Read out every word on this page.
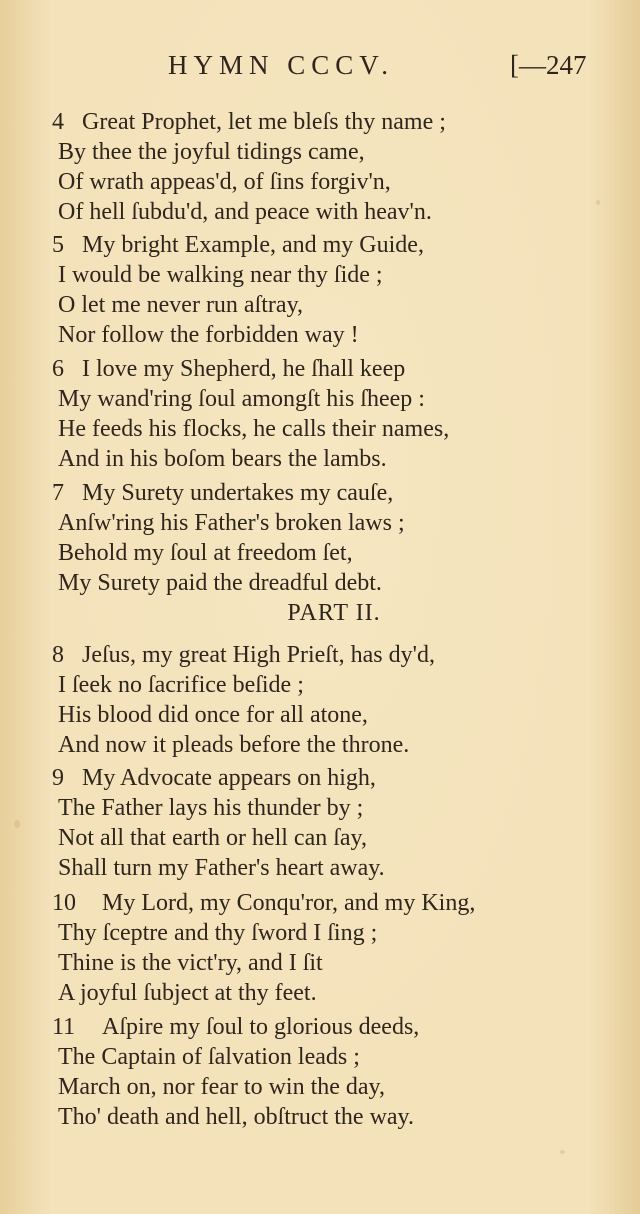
HYMN CCCV.	[—247
4 Great Prophet, let me bleſs thy name ;
By thee the joyful tidings came,
Of wrath appeas'd, of ſins forgiv'n,
Of hell ſubdu'd, and peace with heav'n.
5 My bright Example, and my Guide,
I would be walking near thy ſide ;
O let me never run aſtray,
Nor follow the forbidden way !
6 I love my Shepherd, he ſhall keep
My wand'ring ſoul amongſt his ſheep :
He feeds his flocks, he calls their names,
And in his boſom bears the lambs.
7 My Surety undertakes my cauſe,
Anſw'ring his Father's broken laws ;
Behold my ſoul at freedom ſet,
My Surety paid the dreadful debt.
PART II.
8 Jeſus, my great High Prieſt, has dy'd,
I ſeek no ſacrifice beſide ;
His blood did once for all atone,
And now it pleads before the throne.
9 My Advocate appears on high,
The Father lays his thunder by ;
Not all that earth or hell can ſay,
Shall turn my Father's heart away.
10 My Lord, my Conqu'ror, and my King,
Thy ſceptre and thy ſword I ſing ;
Thine is the vict'ry, and I ſit
A joyful ſubject at thy feet.
11 Aſpire my ſoul to glorious deeds,
The Captain of ſalvation leads ;
March on, nor fear to win the day,
Tho' death and hell, obſtruct the way.
